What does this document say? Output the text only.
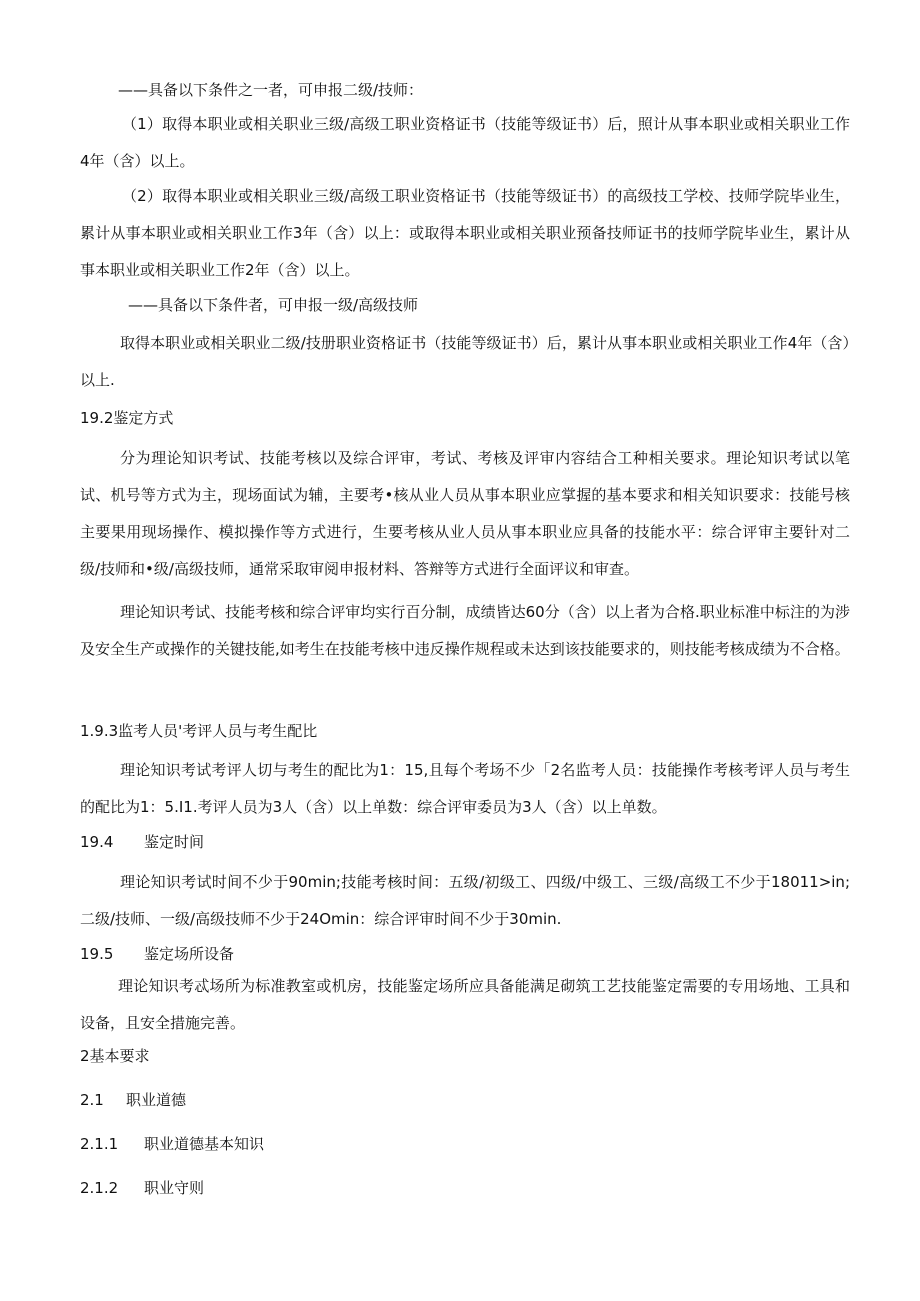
——具备以下条件之一者，可申报二级/技师：

（1）取得本职业或相关职业三级/高级工职业资格证书（技能等级证书）后，照计从事本职业或相关职业工作4年（含）以上。

（2）取得本职业或相关职业三级/高级工职业资格证书（技能等级证书）的高级技工学校、技师学院毕业生，累计从事本职业或相关职业工作3年（含）以上：或取得本职业或相关职业预备技师证书的技师学院毕业生，累计从事本职业或相关职业工作2年（含）以上。

——具备以下条件者，可申报一级/高级技师

取得本职业或相关职业二级/技册职业资格证书（技能等级证书）后，累计从事本职业或相关职业工作4年（含）以上.

19.2鉴定方式

分为理论知识考试、技能考核以及综合评审，考试、考核及评审内容结合工种相关要求。理论知识考试以笔试、机号等方式为主，现场面试为辅，主要考•核从业人员从事本职业应掌握的基本要求和相关知识要求：技能号核主要果用现场操作、模拟操作等方式进行，生要考核从业人员从事本职业应具备的技能水平：综合评审主要针对二级/技师和•级/高级技师，通常采取审阅申报材料、答辩等方式进行全面评议和审查。

理论知识考试、技能考核和综合评审均实行百分制，成绩皆达60分（含）以上者为合格.职业标准中标注的为涉及安全生产或操作的关键技能,如考生在技能考核中违反操作规程或未达到该技能要求的，则技能考核成绩为不合格。

1.9.3监考人员'考评人员与考生配比

理论知识考试考评人切与考生的配比为1：15,且每个考场不少「2名监考人员：技能操作考核考评人员与考生的配比为1：5.I1.考评人员为3人（含）以上单数：综合评审委员为3人（含）以上单数。

19.4 鉴定时间

理论知识考试时间不少于90min;技能考核时间：五级/初级工、四级/中级工、三级/高级工不少于18011>in;二级/技师、一级/高级技师不少于24Omin：综合评审时间不少于30min.

19.5 鉴定场所设备

理论知识考忒场所为标准教室或机房，技能鉴定场所应具备能满足砌筑工艺技能鉴定需要的专用场地、工具和设备，且安全措施完善。

2基本要求
2.1 职业道德
2.1.1 职业道德基本知识
2.1.2 职业守则
